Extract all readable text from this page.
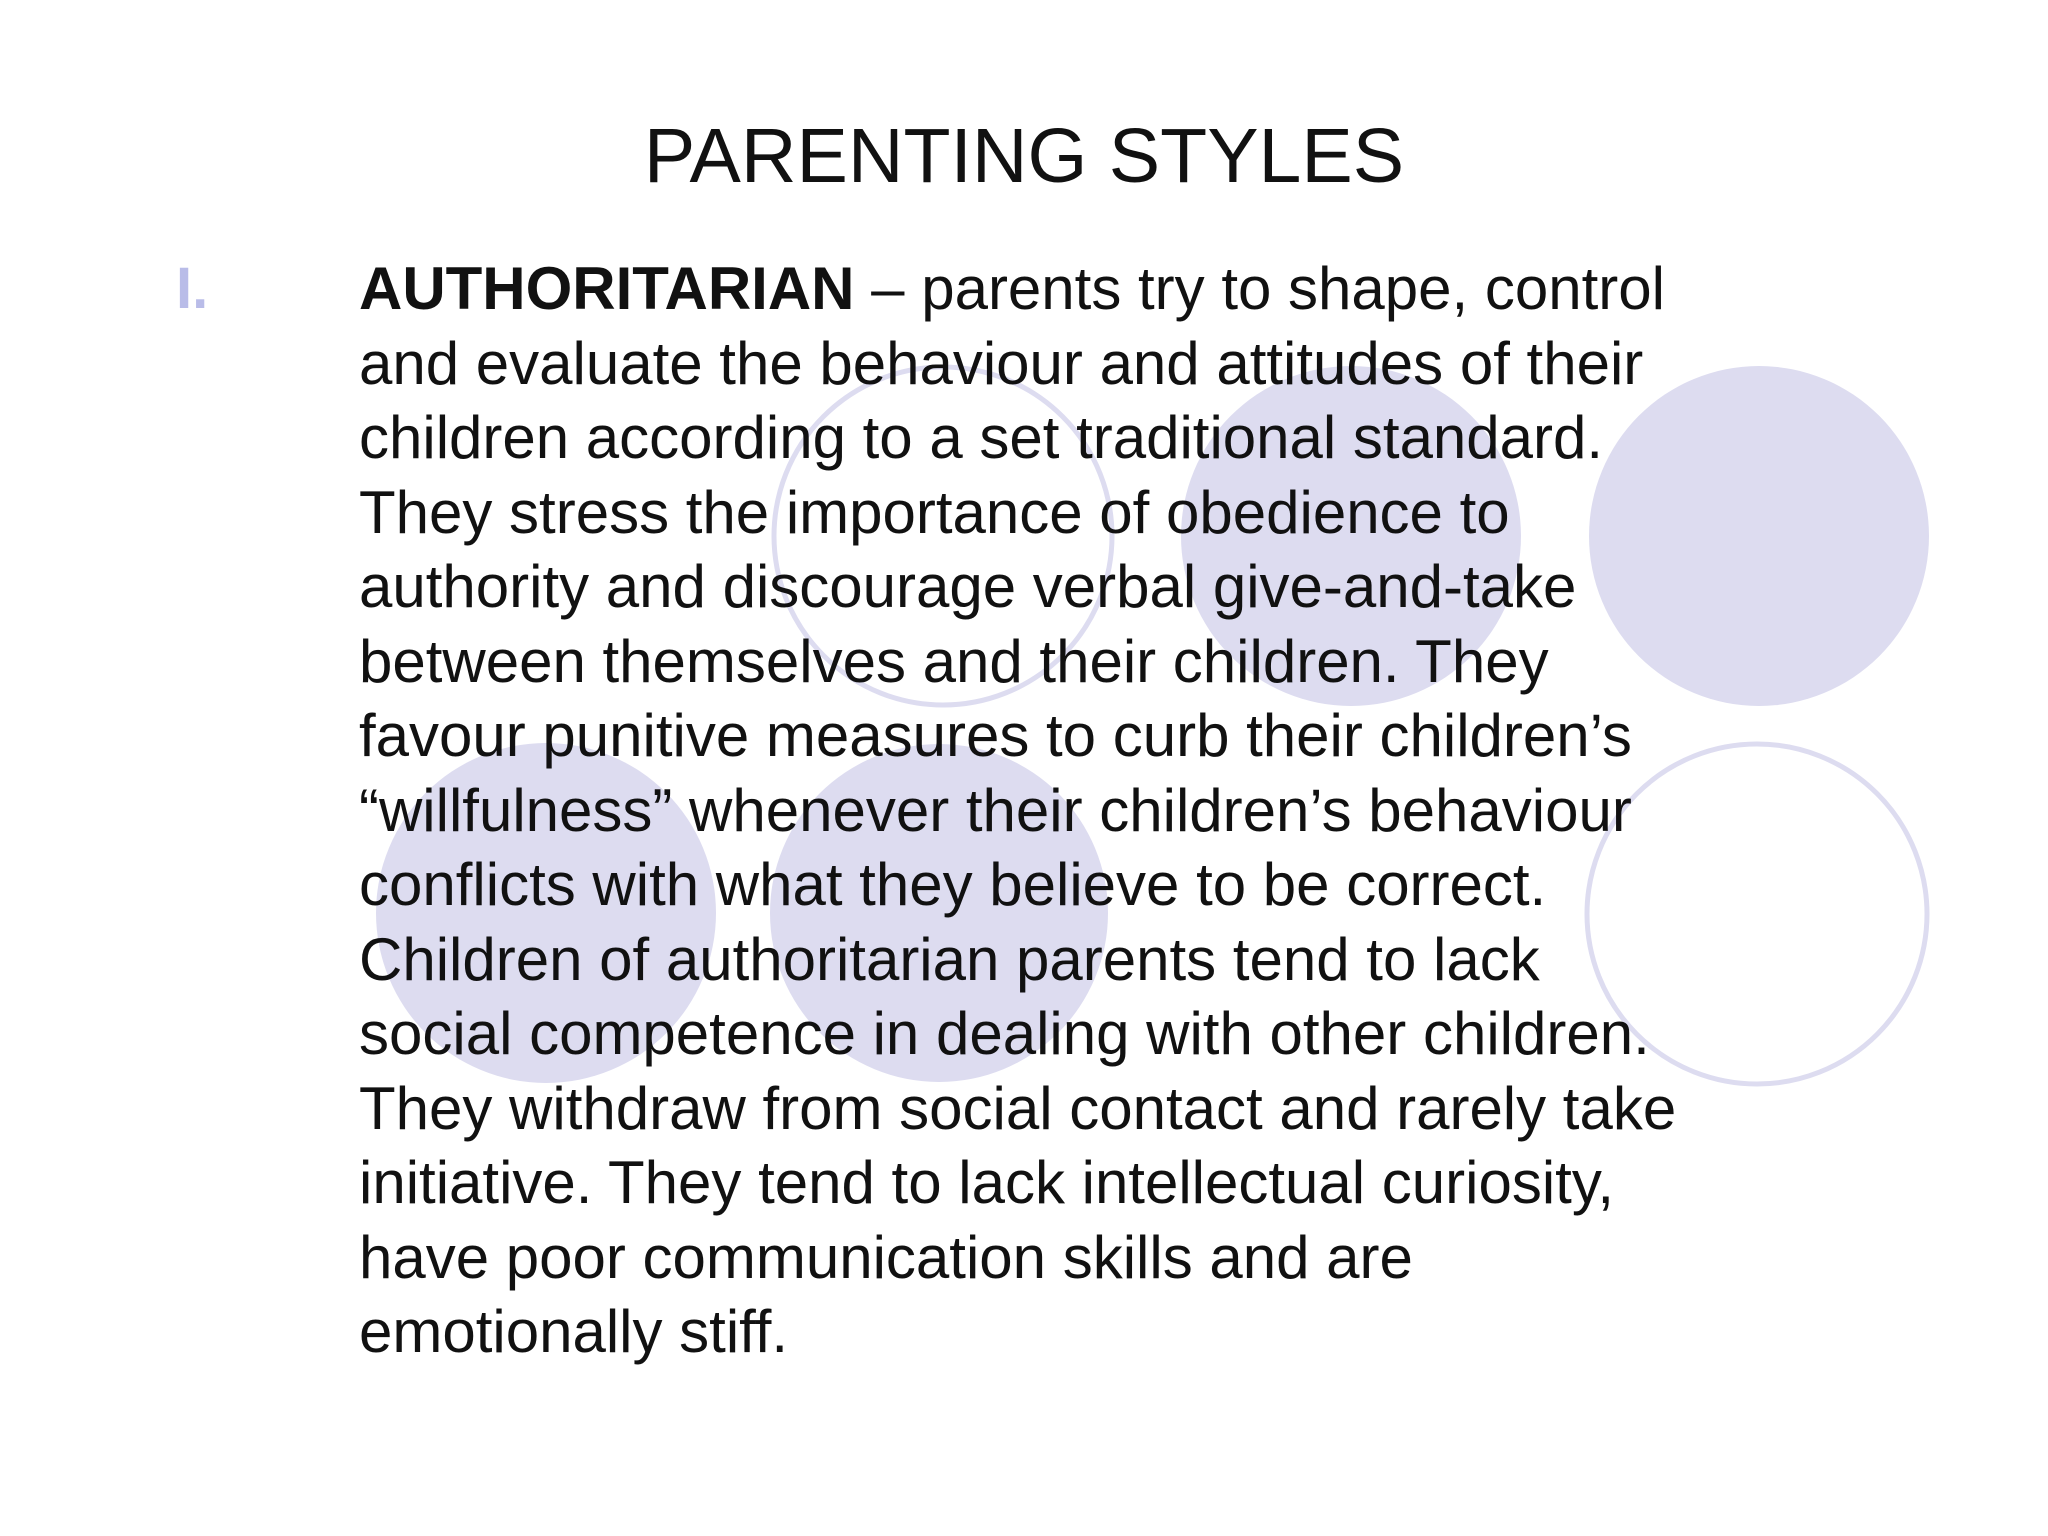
PARENTING STYLES
I.	AUTHORITARIAN – parents try to shape, control
and evaluate the behaviour and attitudes of their
children according to a set traditional standard.
They stress the importance of obedience to
authority and discourage verbal give-and-take
between themselves and their children. They
favour punitive measures to curb their children’s
“willfulness” whenever their children’s behaviour
conflicts with what they believe to be correct.
Children of authoritarian parents tend to lack
social competence in dealing with other children.
They withdraw from social contact and rarely take
initiative. They tend to lack intellectual curiosity,
have poor communication skills and are
emotionally stiff.
